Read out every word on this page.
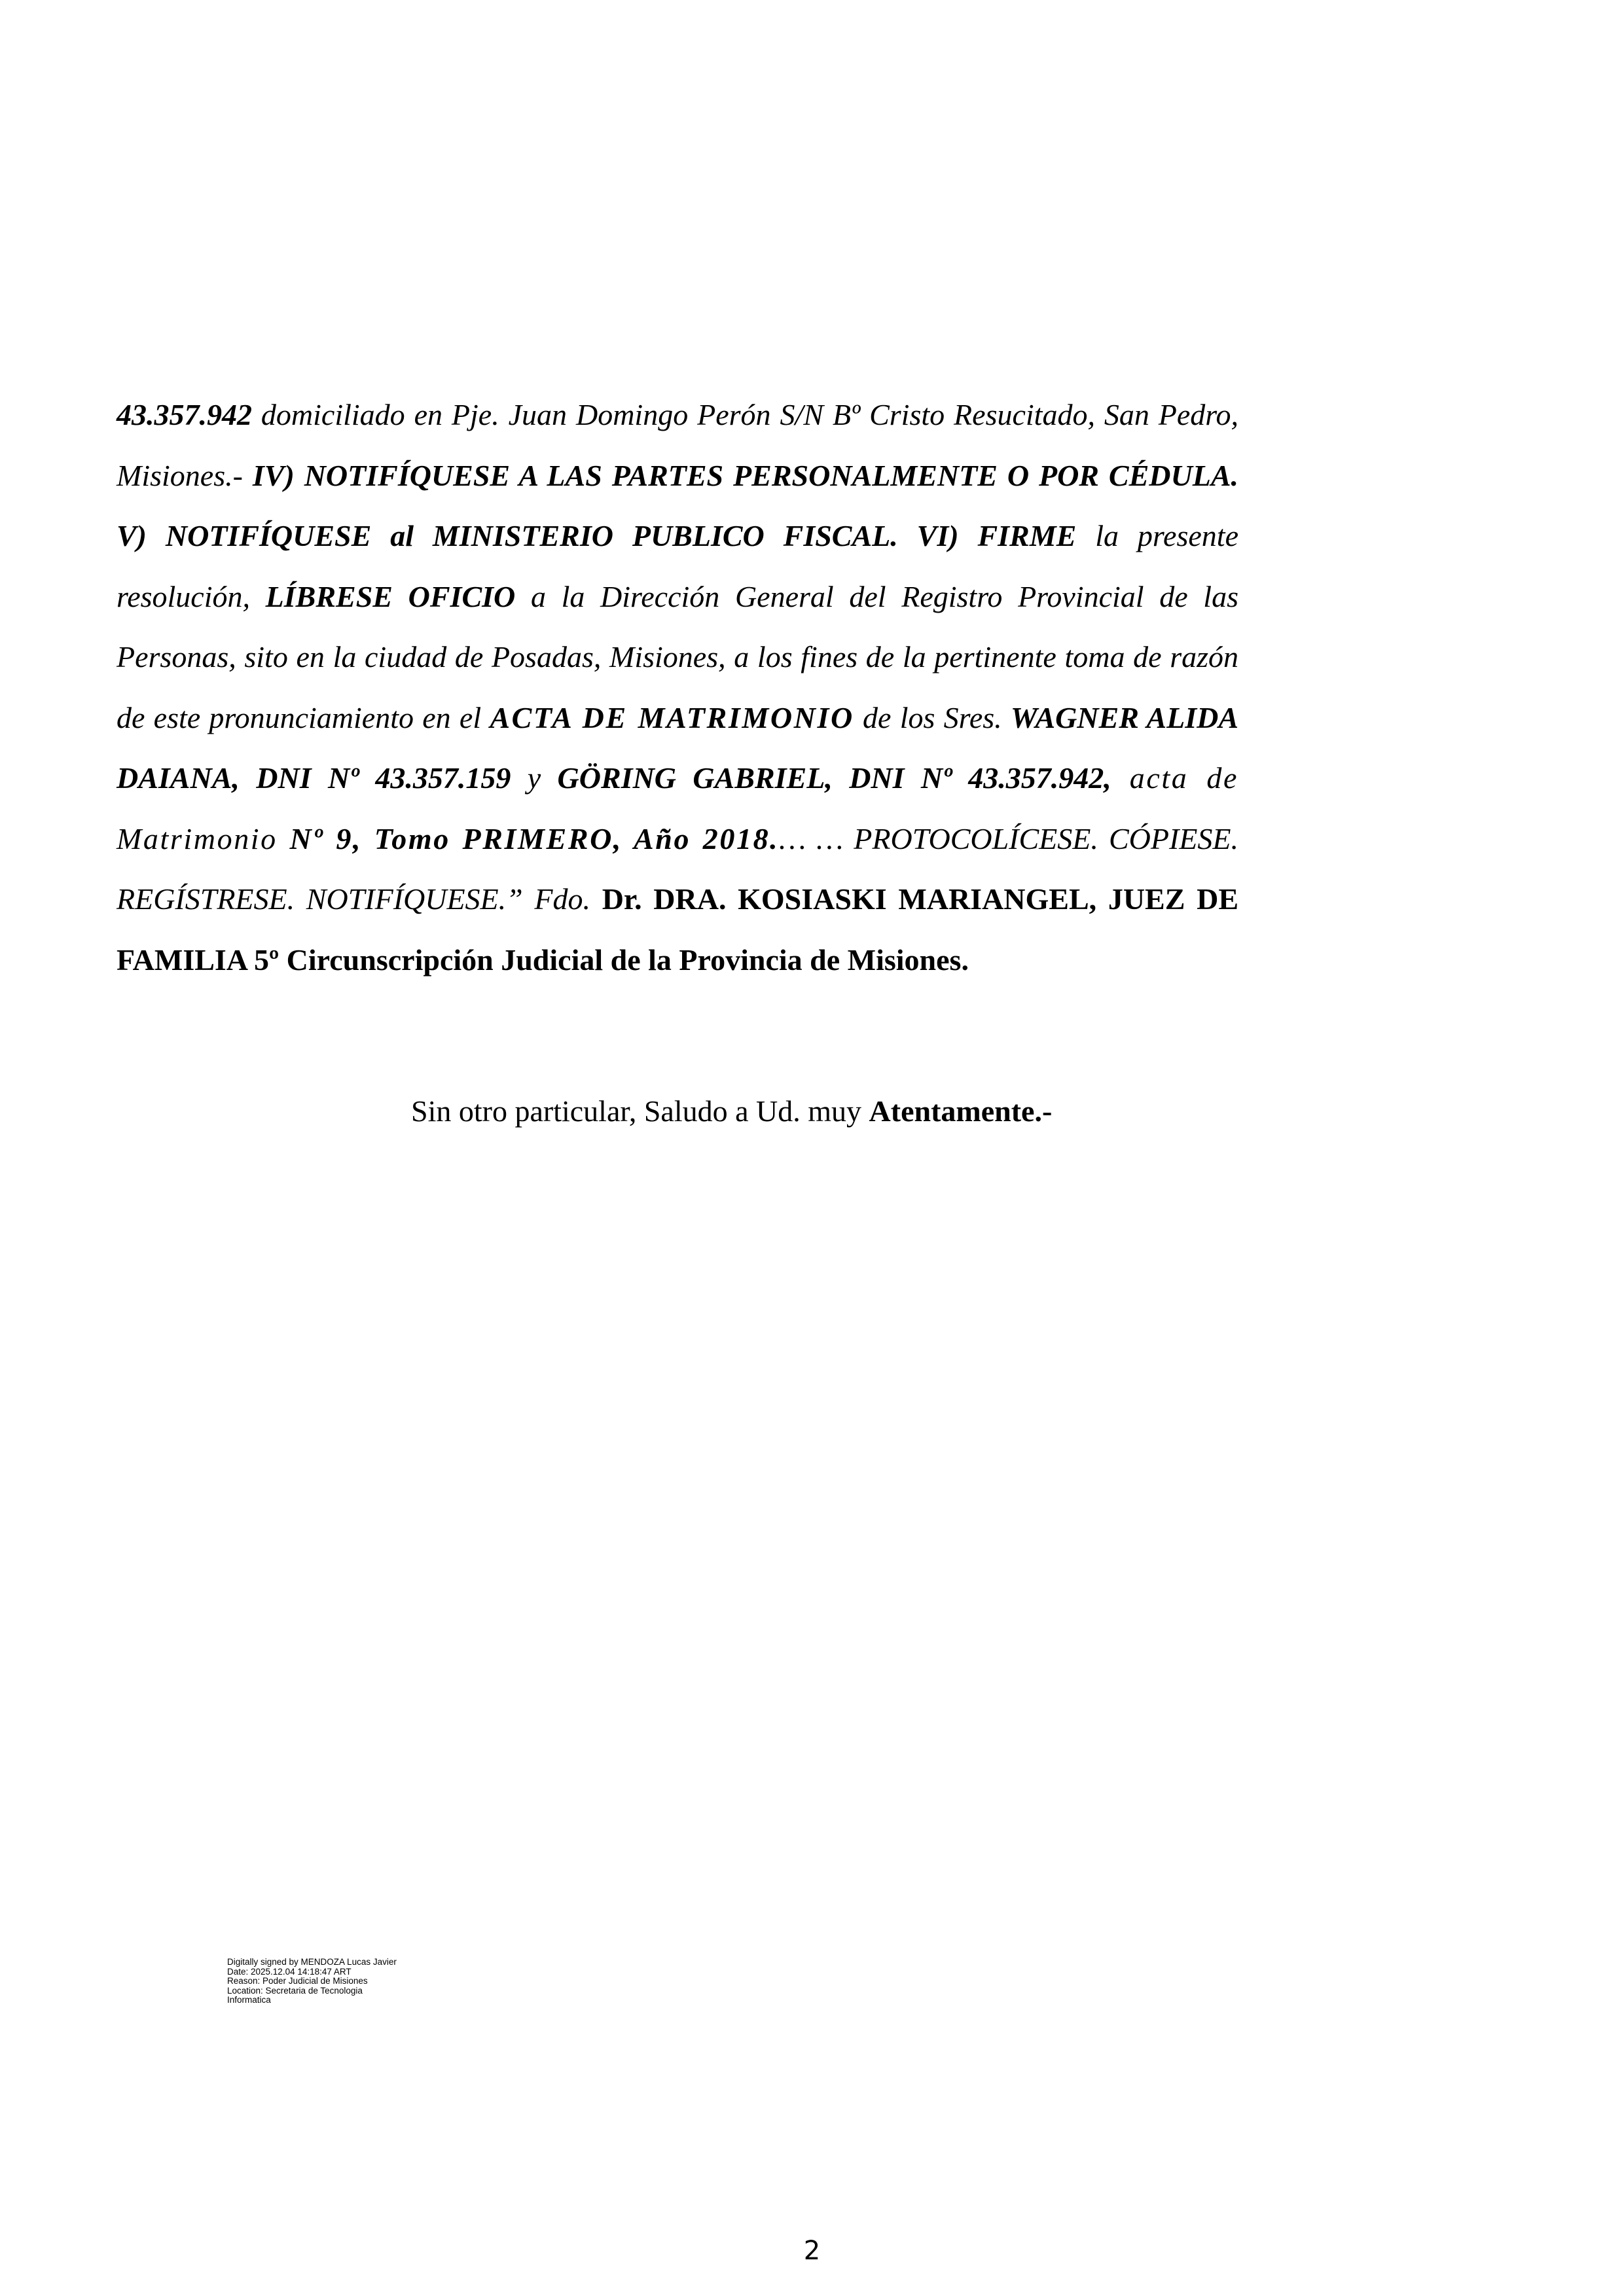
43.357.942 domiciliado en Pje. Juan Domingo Perón S/N Bº Cristo Resucitado, San Pedro, Misiones.- IV) NOTIFÍQUESE A LAS PARTES PERSONALMENTE O POR CÉDULA. V) NOTIFÍQUESE al MINISTERIO PUBLICO FISCAL. VI) FIRME la presente resolución, LÍBRESE OFICIO a la Dirección General del Registro Provincial de las Personas, sito en la ciudad de Posadas, Misiones, a los fines de la pertinente toma de razón de este pronunciamiento en el ACTA DE MATRIMONIO de los Sres. WAGNER ALIDA DAIANA, DNI Nº 43.357.159 y GÖRING GABRIEL, DNI Nº 43.357.942, acta de Matrimonio Nº 9, Tomo PRIMERO, Año 2018.… … PROTOCOLÍCESE. CÓPIESE. REGÍSTRESE. NOTIFÍQUESE.” Fdo. Dr. DRA. KOSIASKI MARIANGEL, JUEZ DE FAMILIA 5º Circunscripción Judicial de la Provincia de Misiones.

Sin otro particular, Saludo a Ud. muy Atentamente.-

Digitally signed by MENDOZA Lucas Javier
Date: 2025.12.04 14:18:47 ART
Reason: Poder Judicial de Misiones
Location: Secretaria de Tecnologia
Informatica
2
